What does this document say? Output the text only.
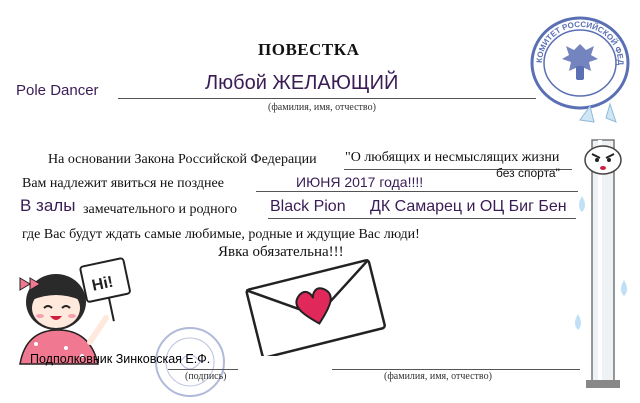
ПОВЕСТКА
Pole Dancer	Любой ЖЕЛАЮЩИЙ
(фамилия, имя, отчество)
На основании Закона Российской Федерации "О любящих и несмыслящих жизни
Вам надлежит явиться не позднее	ИЮНЯ 2017 года!!!!
без спорта"
В залы замечательного и родного Black Pion ДК Самарец и ОЦ Биг Бен
где Вас будут ждать самые любимые, родные и ждущие Вас люди!
Явка обязательна!!!
КОМИТЕТ РОССИЙСКОЙ ФЕД
Hi!
Подполковник Зинковская Е.Ф.
(подпись)	(фамилия, имя, отчество)
